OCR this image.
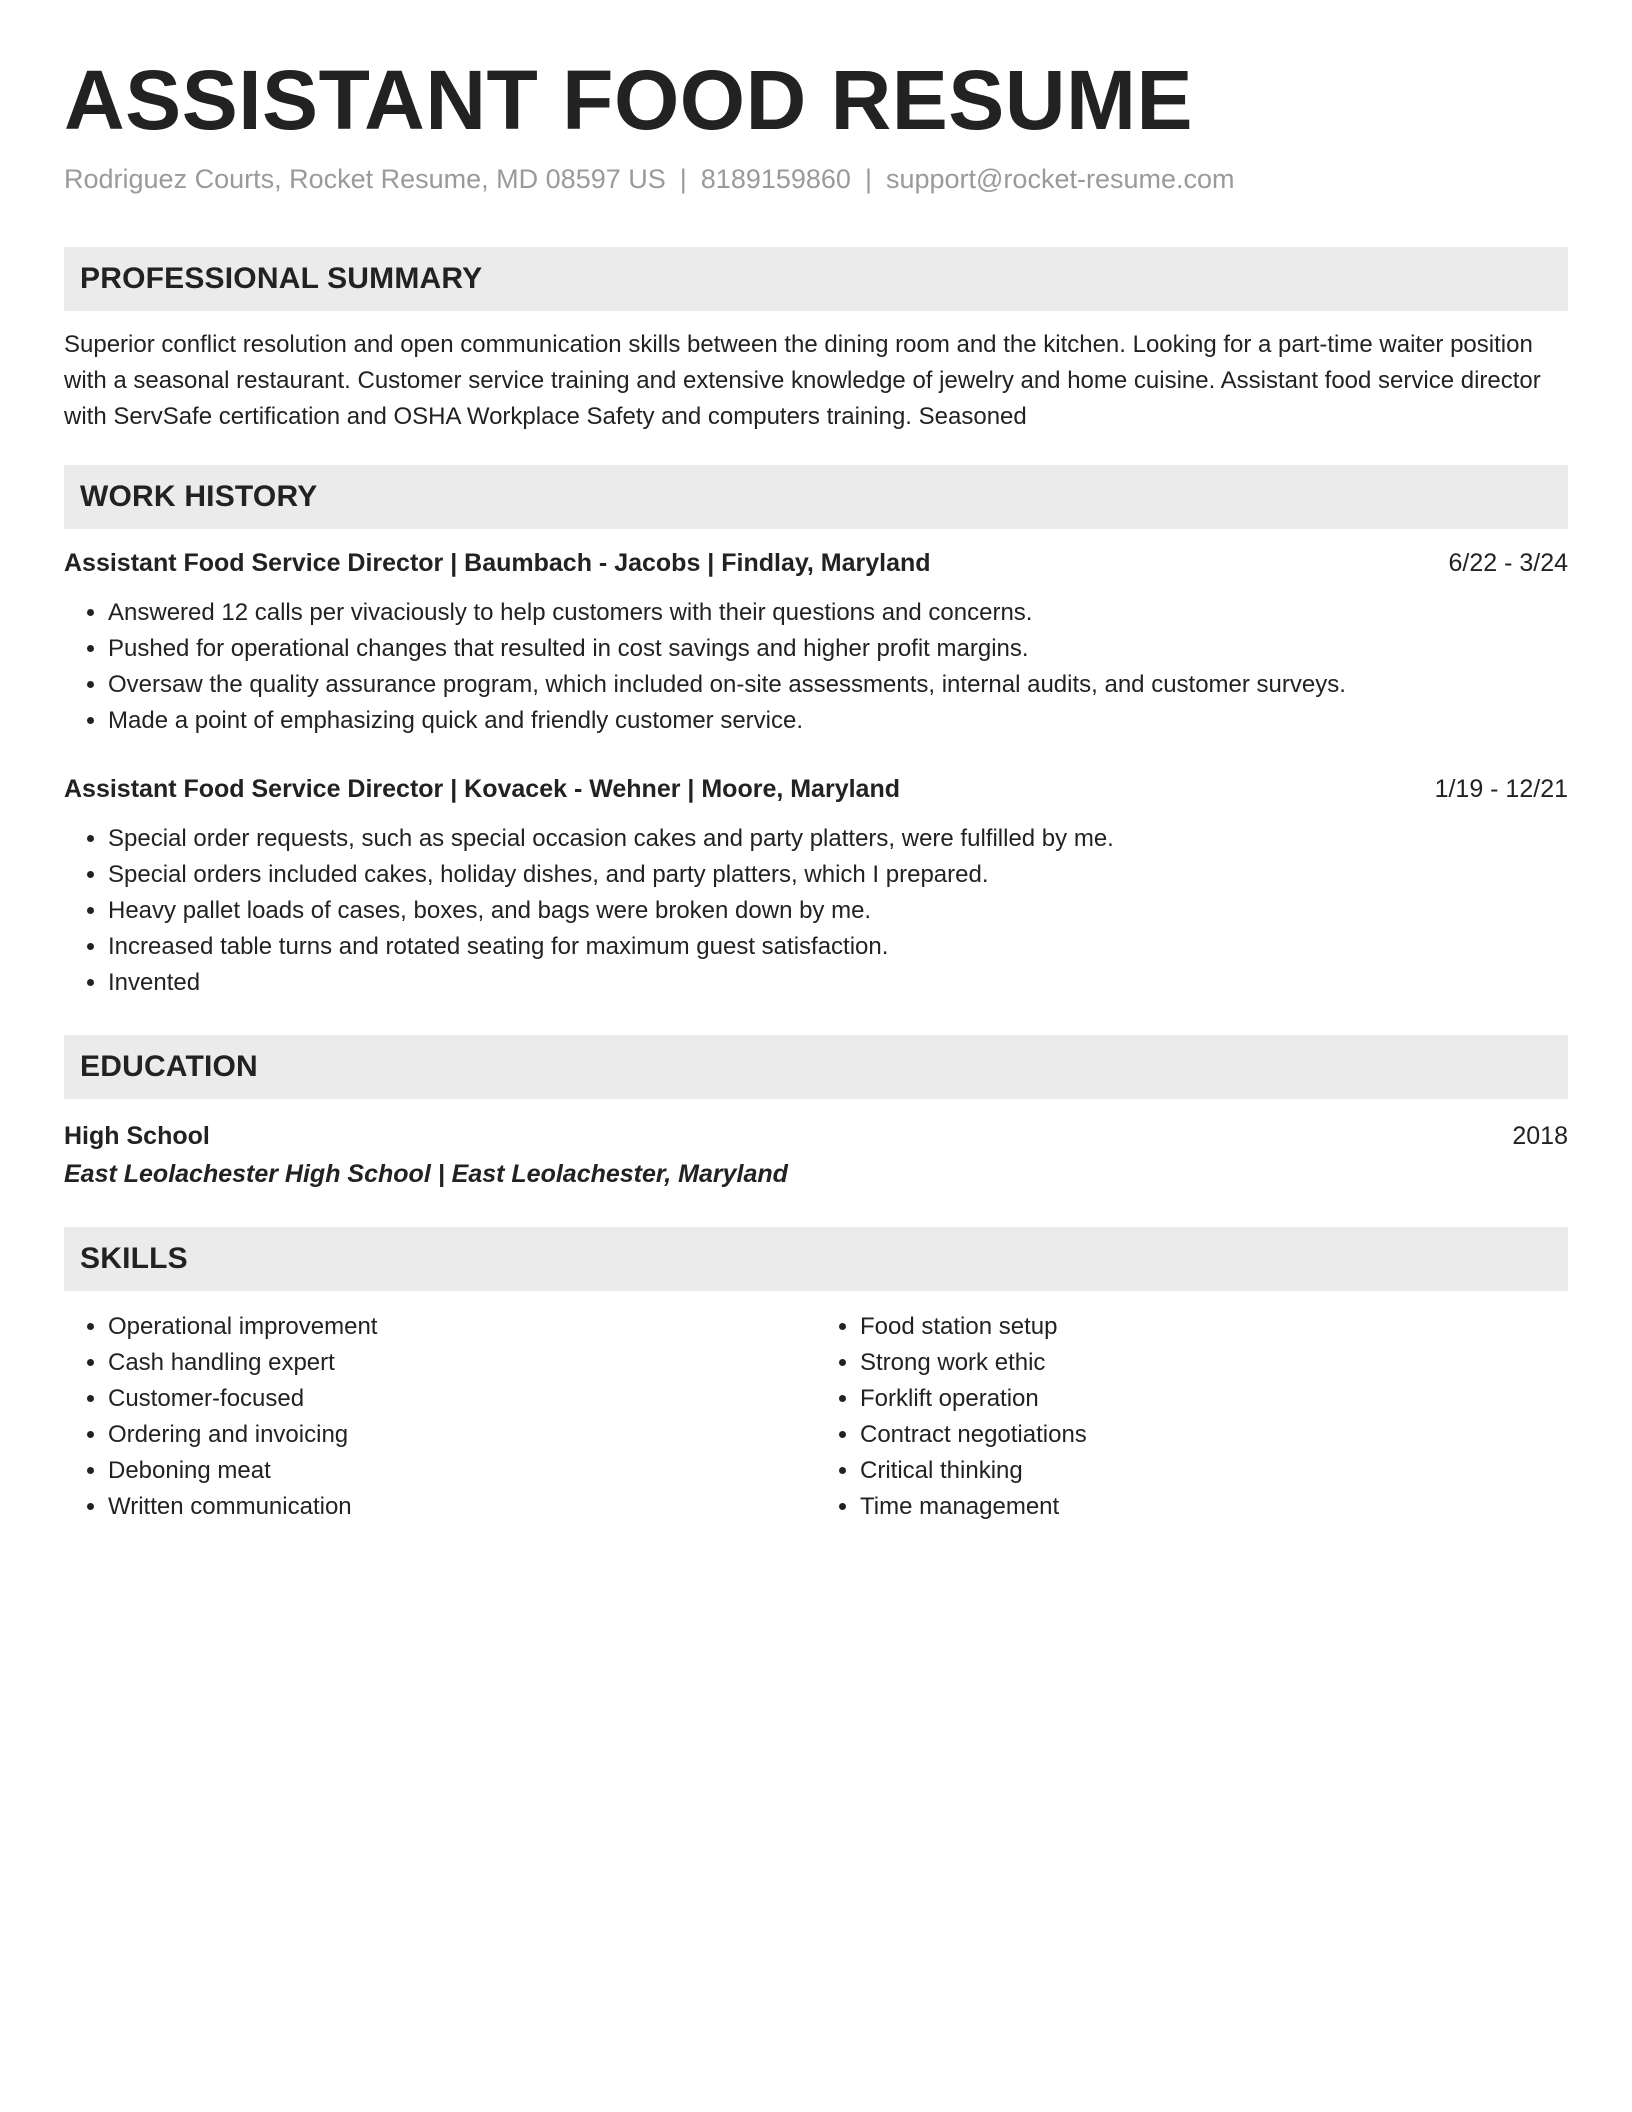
ASSISTANT FOOD RESUME
Rodriguez Courts, Rocket Resume, MD 08597 US | 8189159860 | support@rocket-resume.com
PROFESSIONAL SUMMARY

Superior conflict resolution and open communication skills between the dining room and the kitchen. Looking for a part-time waiter position with a seasonal restaurant. Customer service training and extensive knowledge of jewelry and home cuisine. Assistant food service director with ServSafe certification and OSHA Workplace Safety and computers training. Seasoned

WORK HISTORY
Assistant Food Service Director | Baumbach - Jacobs | Findlay, Maryland	6/22 - 3/24
• Answered 12 calls per vivaciously to help customers with their questions and concerns.
• Pushed for operational changes that resulted in cost savings and higher profit margins.
• Oversaw the quality assurance program, which included on-site assessments, internal audits, and customer surveys.
• Made a point of emphasizing quick and friendly customer service.
Assistant Food Service Director | Kovacek - Wehner | Moore, Maryland	1/19 - 12/21
• Special order requests, such as special occasion cakes and party platters, were fulfilled by me.
• Special orders included cakes, holiday dishes, and party platters, which I prepared.
• Heavy pallet loads of cases, boxes, and bags were broken down by me.
• Increased table turns and rotated seating for maximum guest satisfaction.
• Invented
EDUCATION
High School	2018
East Leolachester High School | East Leolachester, Maryland
SKILLS
• Operational improvement
• Cash handling expert
• Customer-focused
• Ordering and invoicing
• Deboning meat
• Written communication
• Food station setup
• Strong work ethic
• Forklift operation
• Contract negotiations
• Critical thinking
• Time management
